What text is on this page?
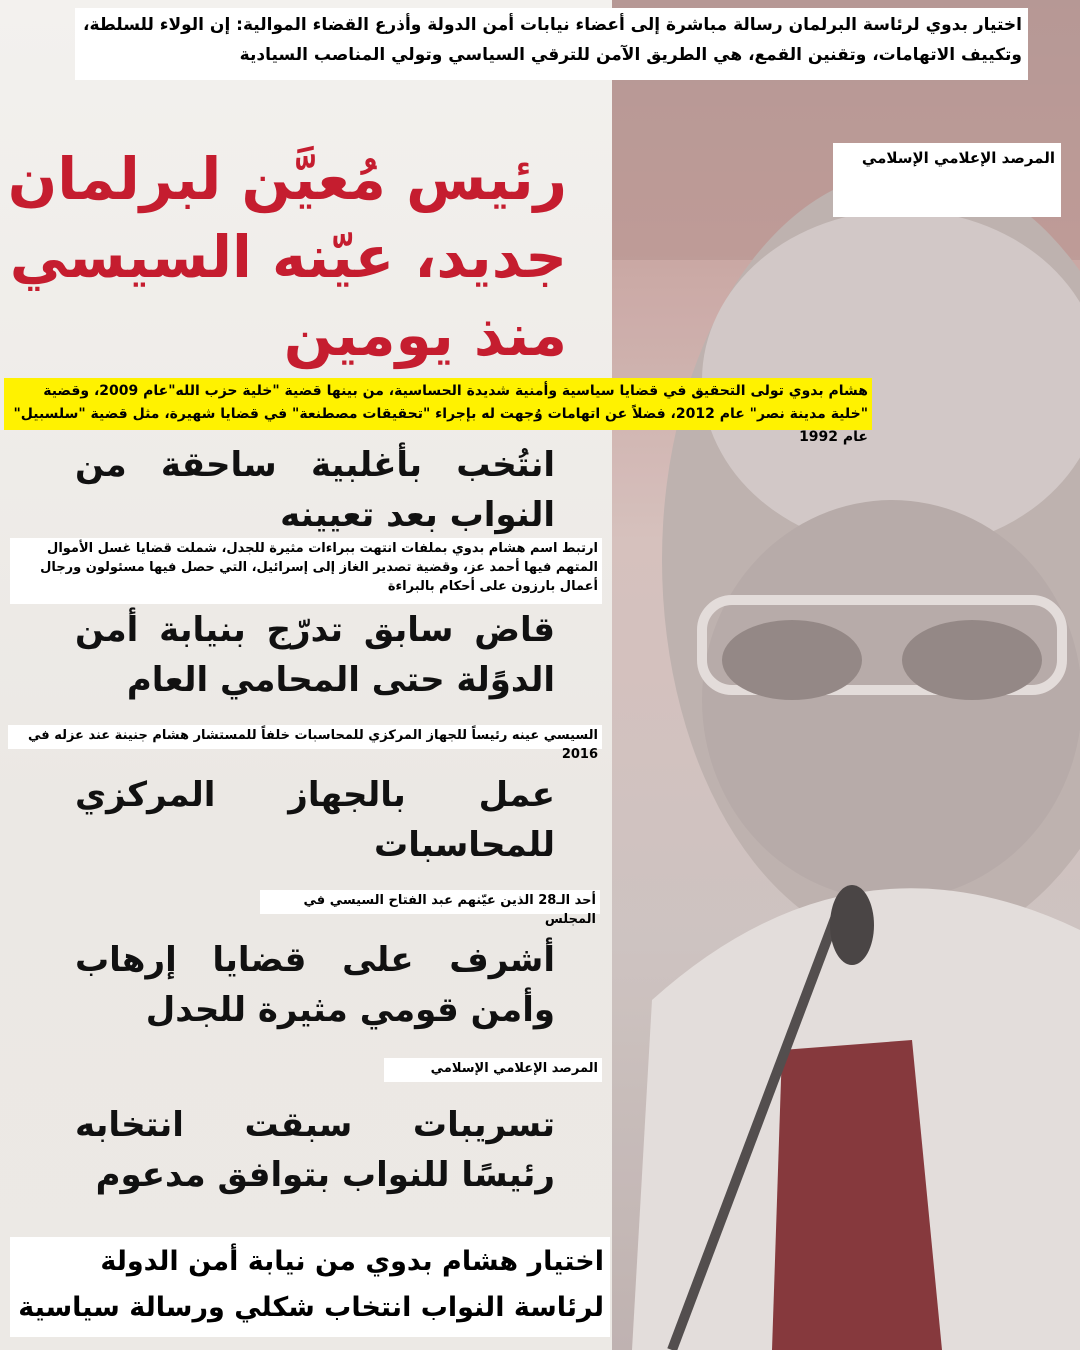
اختيار بدوي لرئاسة البرلمان رسالة مباشرة إلى أعضاء نيابات أمن الدولة وأذرع القضاء الموالية: إن الولاء للسلطة، وتكييف الاتهامات، وتقنين القمع، هي الطريق الآمن للترقي السياسي وتولي المناصب السيادية
المرصد الإعلامي الإسلامي
رئيس مُعيَّن لبرلمان
جديد، عيّنه السيسي
منذ يومين
هشام بدوي تولى التحقيق في قضايا سياسية وأمنية شديدة الحساسية، من بينها قضية "خلية حزب الله"عام 2009، وقضية "خلية مدينة نصر" عام 2012، فضلاً عن اتهامات وُجهت له بإجراء "تحقيقات مصطنعة" في قضايا شهيرة، مثل قضية "سلسبيل" عام 1992
انتُخب بأغلبية ساحقة من النواب بعد تعيينه
ارتبط اسم هشام بدوي بملفات انتهت ببراءات مثيرة للجدل، شملت قضايا غسل الأموال المتهم فيها أحمد عز، وقضية تصدير الغاز إلى إسرائيل، التي حصل فيها مسئولون ورجال أعمال بارزون على أحكام بالبراءة
قاض سابق تدرّج بنيابة أمن الدوًلة حتى المحامي العام
السيسي عينه رئيساً للجهاز المركزي للمحاسبات خلفاً للمستشار هشام جنينة عند عزله في 2016
عمل بالجهاز المركزي للمحاسبات
أحد الـ28 الذين عيّنهم عبد الفتاح السيسي في المجلس
أشرف على قضايا إرهاب وأمن قومي مثيرة للجدل
المرصد الإعلامي الإسلامي
تسريبات سبقت انتخابه رئيسًا للنواب بتوافق مدعوم
اختيار هشام بدوي من نيابة أمن الدولة لرئاسة النواب انتخاب شكلي ورسالة سياسية
